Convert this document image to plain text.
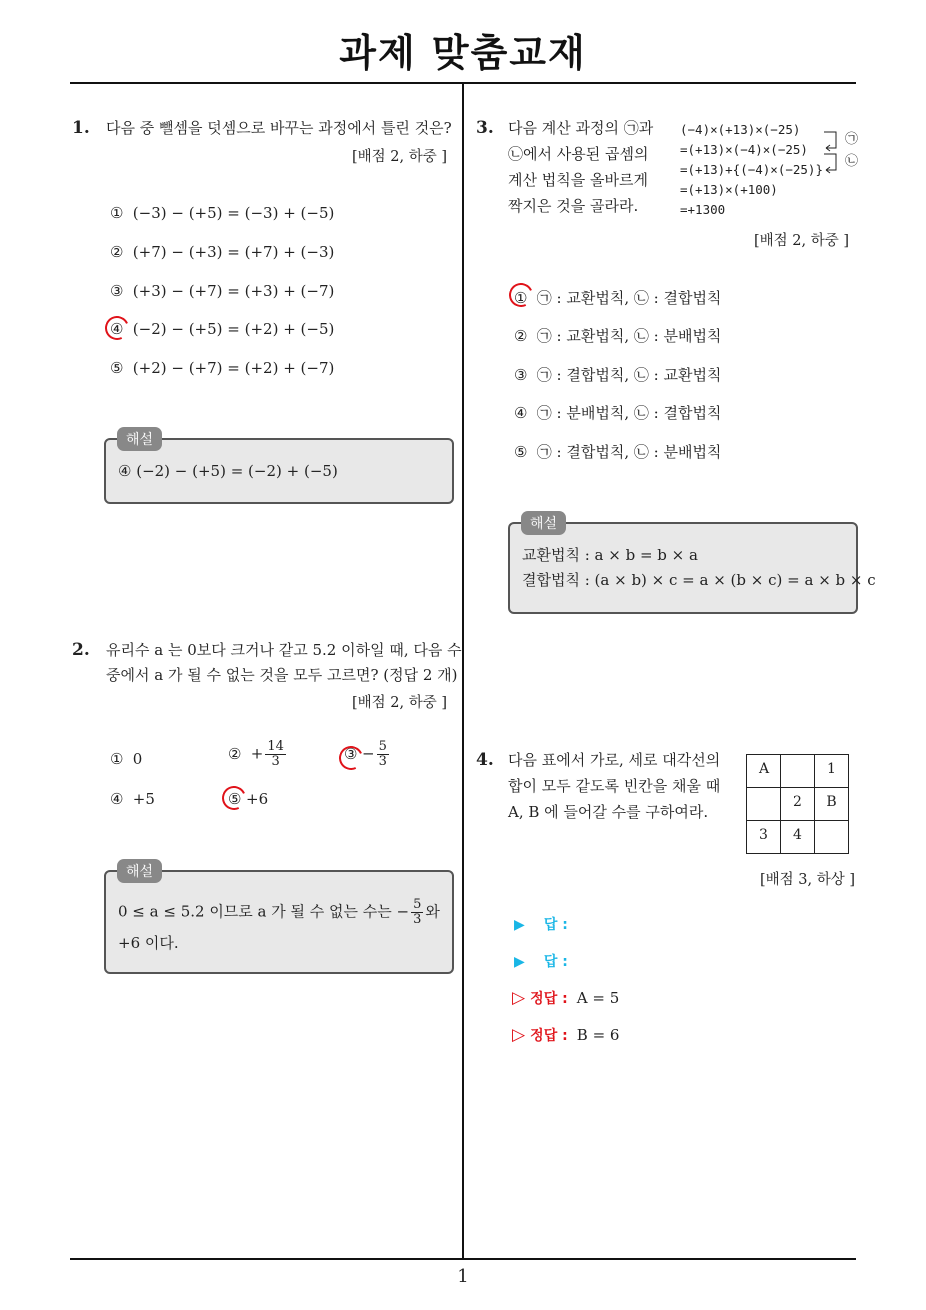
과제 맞춤교재
1. 다음 중 뺄셈을 덧셈으로 바꾸는 과정에서 틀린 것은?
[배점 2, 하중 ]
① (−3) − (+5) = (−3) + (−5)
② (+7) − (+3) = (+7) + (−3)
③ (+3) − (+7) = (+3) + (−7)
④ (−2) − (+5) = (+2) + (−5)
⑤ (+2) − (+7) = (+2) + (−7)
해설
④ (−2) − (+5) = (−2) + (−5)
2. 유리수 a 는 0보다 크거나 같고 5.2 이하일 때, 다음 수
중에서 a 가 될 수 없는 것을 모두 고르면? (정답 2 개)
[배점 2, 하중 ]
① 0	② + $\frac{14}{3}$	③ − $\frac{5}{3}$
④ +5	⑤ +6
해설
0 ≤ a ≤ 5.2 이므로 a 가 될 수 없는 수는 − $\frac{5}{3}$ 와
+6 이다.
3. 다음 계산 과정의 ㉠과
㉡에서 사용된 곱셈의
계산 법칙을 올바르게
짝지은 것을 골라라.
(−4)×(+13)×(−25)
=(+13)×(−4)×(−25)
=(+13)+{(−4)×(−25)}
=(+13)×(+100)
=+1300
㉠
㉡
[배점 2, 하중 ]
① ㉠ : 교환법칙, ㉡ : 결합법칙
② ㉠ : 교환법칙, ㉡ : 분배법칙
③ ㉠ : 결합법칙, ㉡ : 교환법칙
④ ㉠ : 분배법칙, ㉡ : 결합법칙
⑤ ㉠ : 결합법칙, ㉡ : 분배법칙
해설
교환법칙 : a × b = b × a
결합법칙 : (a × b) × c = a × (b × c) = a × b × c
4. 다음 표에서 가로, 세로 대각선의
합이 모두 같도록 빈칸을 채울 때
A, B 에 들어갈 수를 구하여라.
A		1
	2	B
3	4	
[배점 3, 하상 ]
▶ 답 :
▶ 답 :
▷ 정답 : A = 5
▷ 정답 : B = 6
1
